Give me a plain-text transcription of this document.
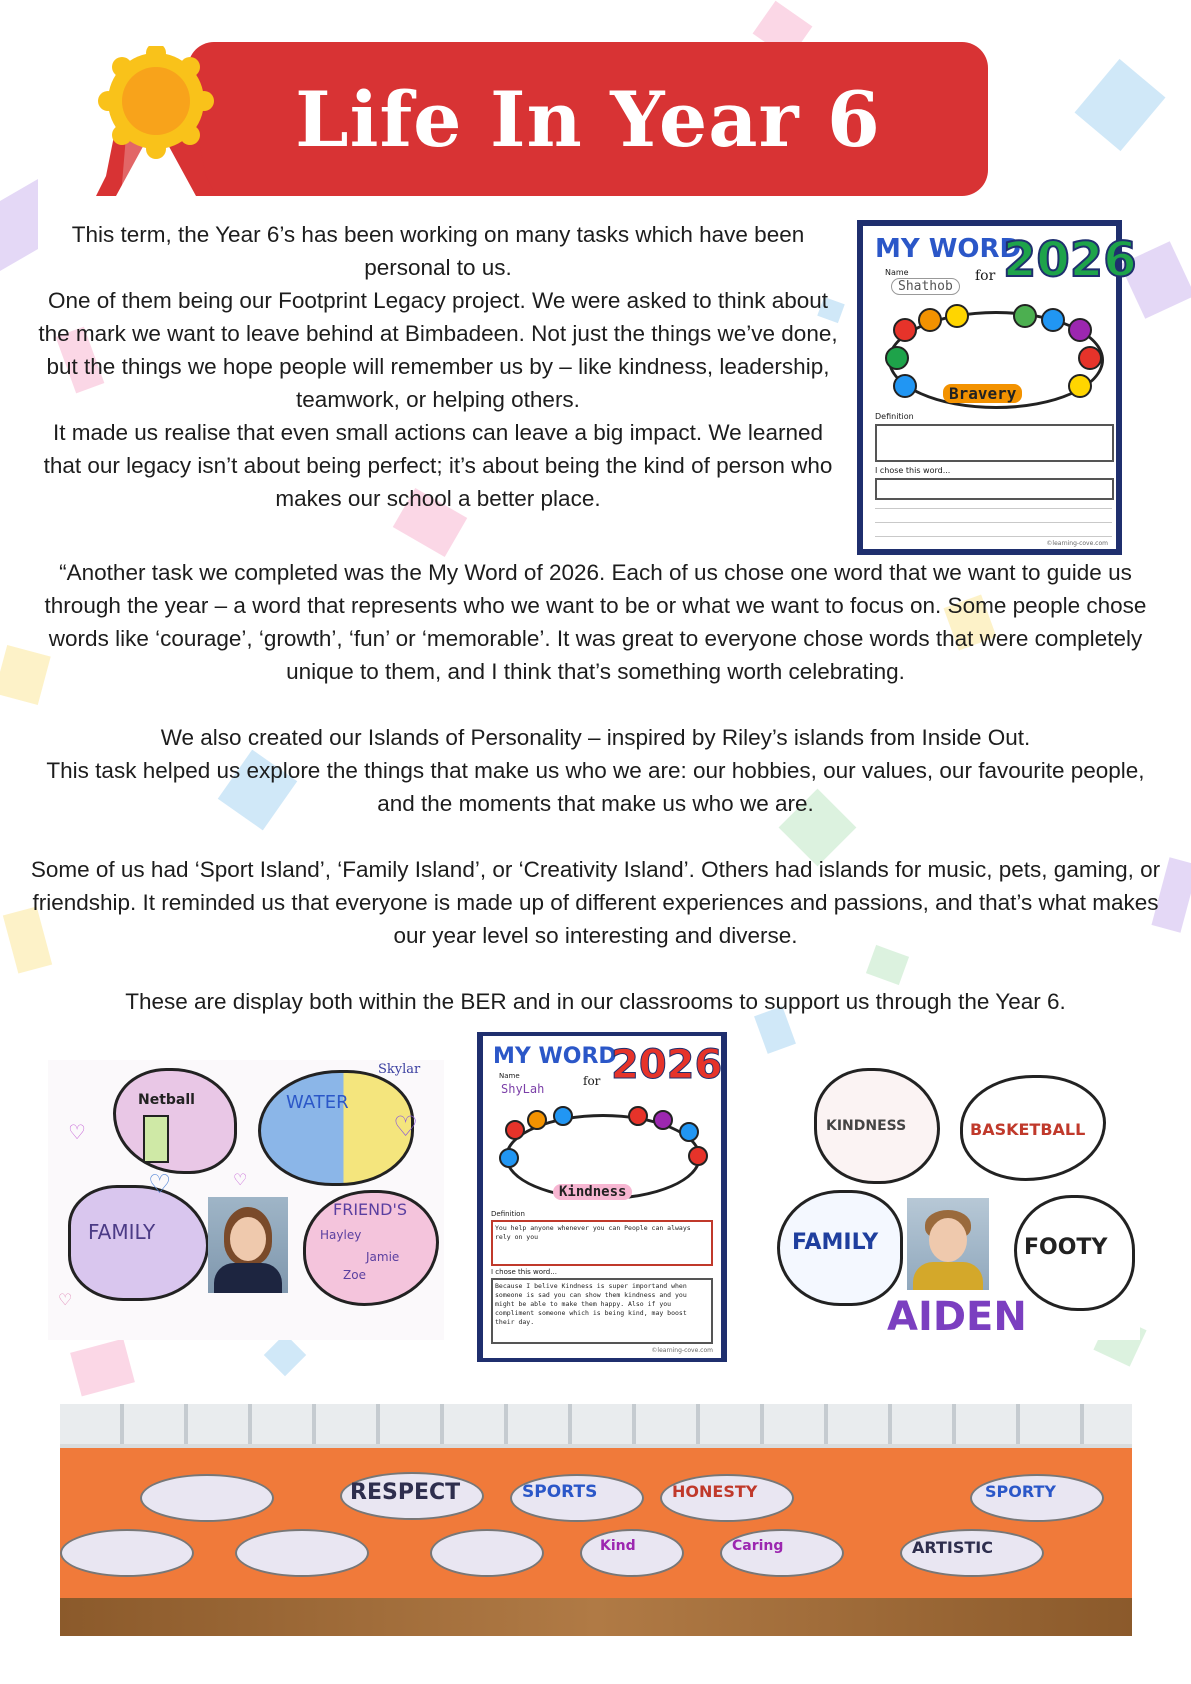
Life In Year 6

This term, the Year 6’s has been working on many tasks which have been personal to us.

One of them being our Footprint Legacy project. We were asked to think about the mark we want to leave behind at Bimbadeen. Not just the things we’ve done, but the things we hope people will remember us by – like kindness, leadership, teamwork, or helping others.

It made us realise that even small actions can leave a big impact. We learned that our legacy isn’t about being perfect; it’s about being the kind of person who makes our school a better place.

MY WORD
2026
for
Name
Shathob
Bravery
Definition
I chose this word...
©learning-cove.com

“Another task we completed was the My Word of 2026. Each of us chose one word that we want to guide us through the year – a word that represents who we want to be or what we want to focus on. Some people chose words like ‘courage’, ‘growth’, ‘fun’ or ‘memorable’. It was great to everyone chose words that were completely unique to them, and I think that’s something worth celebrating.

We also created our Islands of Personality – inspired by Riley’s islands from Inside Out.

This task helped us explore the things that make us who we are: our hobbies, our values, our favourite people, and the moments that make us who we are.

Some of us had ‘Sport Island’, ‘Family Island’, or ‘Creativity Island’. Others had islands for music, pets, gaming, or friendship. It reminded us that everyone is made up of different experiences and passions, and that’s what makes our year level so interesting and diverse.

These are display both within the BER and in our classrooms to support us through the Year 6.

Skylar
Netball	WATER
FAMILY
FRIEND'S
Hayley
Jamie
Zoe
♡	♡
♡	♡
♡
MY WORD
2026
for
Name
ShyLah
Kindness
Definition
You help anyone whenever you can People can always rely on you
I chose this word...
Because I belive Kindness is super importand when someone is sad you can show them kindness and you might be able to make them happy. Also if you compliment someone which is being kind, may boost their day.
©learning-cove.com
KINDNESS	BASKETBALL
FAMILY	FOOTY
AIDEN
RESPECT	SPORTS	HONESTY	SPORTY
Kind	Caring	ARTISTIC
